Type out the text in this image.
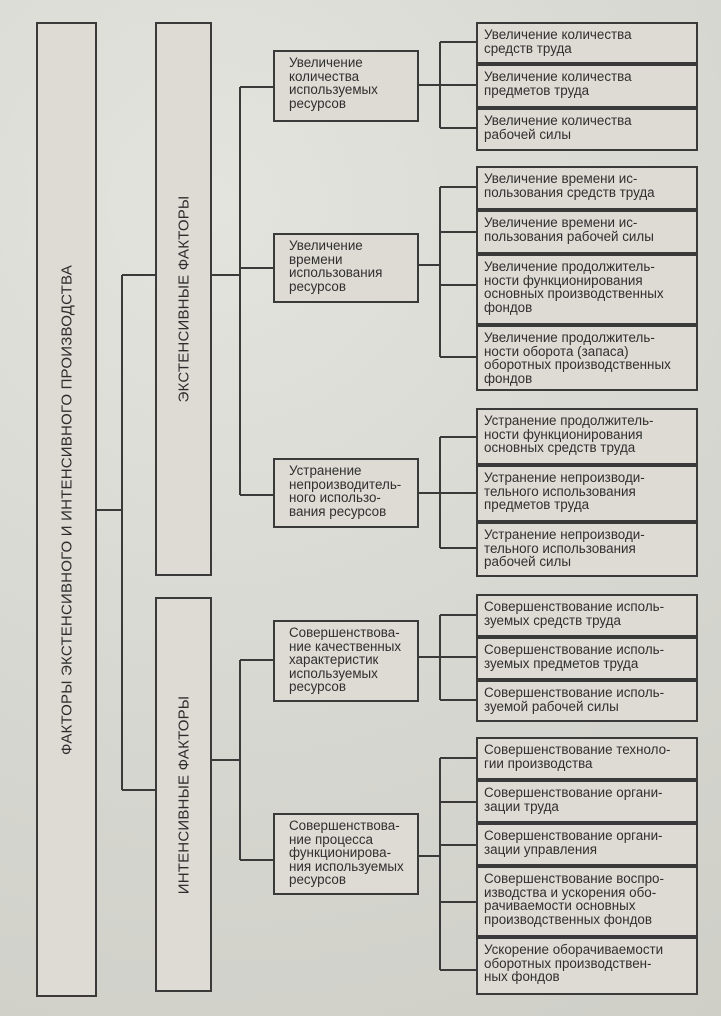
ФАКТОРЫ ЭКСТЕНСИВНОГО И ИНТЕНСИВНОГО ПРОИЗВОДСТВА	ЭКСТЕНСИВНЫЕ ФАКТОРЫ
ИНТЕНСИВНЫЕ ФАКТОРЫ
Увеличение
количества
используемых
ресурсов
Увеличение
времени
использования
ресурсов
Устранение
непроизводитель-
ного использо-
вания ресурсов
Совершенствова-
ние качественных
характеристик
используемых
ресурсов
Совершенствова-
ние процесса
функционирова-
ния используемых
ресурсов
Увеличение количества
средств труда
Увеличение количества
предметов труда
Увеличение количества
рабочей силы
Увеличение времени ис-
пользования средств труда
Увеличение времени ис-
пользования рабочей силы
Увеличение продолжитель-
ности функционирования
основных производственных
фондов
Увеличение продолжитель-
ности оборота (запаса)
оборотных производственных
фондов
Устранение продолжитель-
ности функционирования
основных средств труда
Устранение непроизводи-
тельного использования
предметов труда
Устранение непроизводи-
тельного использования
рабочей силы
Совершенствование исполь-
зуемых средств труда
Совершенствование исполь-
зуемых предметов труда
Совершенствование исполь-
зуемой рабочей силы
Совершенствование техноло-
гии производства
Совершенствование органи-
зации труда
Совершенствование органи-
зации управления
Совершенствование воспро-
изводства и ускорения обо-
рачиваемости основных
производственных фондов
Ускорение оборачиваемости
оборотных производствен-
ных фондов
